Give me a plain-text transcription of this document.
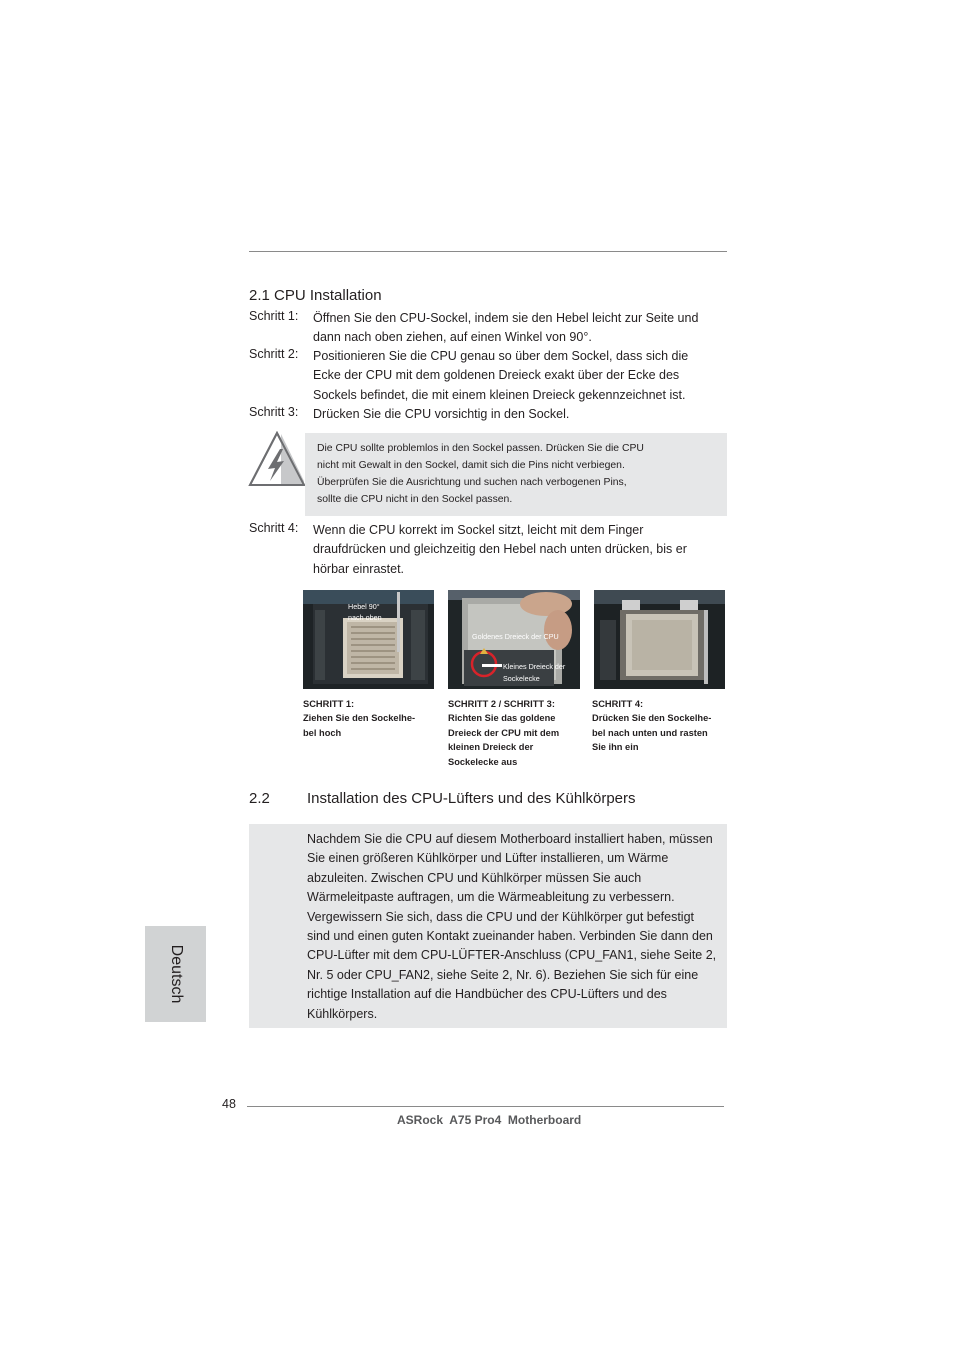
2.1 CPU Installation
Schritt 1: Öffnen Sie den CPU-Sockel, indem sie den Hebel leicht zur Seite und
dann nach oben ziehen, auf einen Winkel von 90°.
Schritt 2: Positionieren Sie die CPU genau so über dem Sockel, dass sich die
Ecke der CPU mit dem goldenen Dreieck exakt über der Ecke des
Sockels befindet, die mit einem kleinen Dreieck gekennzeichnet ist.
Schritt 3: Drücken Sie die CPU vorsichtig in den Sockel.
Die CPU sollte problemlos in den Sockel passen. Drücken Sie die CPU
nicht mit Gewalt in den Sockel, damit sich die Pins nicht verbiegen.
Überprüfen Sie die Ausrichtung und suchen nach verbogenen Pins,
sollte die CPU nicht in den Sockel passen.
Schritt 4: Wenn die CPU korrekt im Sockel sitzt, leicht mit dem Finger
draufdrücken und gleichzeitig den Hebel nach unten drücken, bis er
hörbar einrastet.
Hebel 90°
nach oben
Goldenes Dreieck der CPU
Kleines Dreieck der
Sockelecke
SCHRITT 1:
Ziehen Sie den Sockelhe-
bel hoch
SCHRITT 2 / SCHRITT 3:
Richten Sie das goldene
Dreieck der CPU mit dem
kleinen Dreieck der
Sockelecke aus
SCHRITT 4:
Drücken Sie den Sockelhe-
bel nach unten und rasten
Sie ihn ein
2.2 Installation des CPU-Lüfters und des Kühlkörpers
Nachdem Sie die CPU auf diesem Motherboard installiert haben, müssen
Sie einen größeren Kühlkörper und Lüfter installieren, um Wärme
abzuleiten. Zwischen CPU und Kühlkörper müssen Sie auch
Wärmeleitpaste auftragen, um die Wärmeableitung zu verbessern.
Vergewissern Sie sich, dass die CPU und der Kühlkörper gut befestigt
sind und einen guten Kontakt zueinander haben. Verbinden Sie dann den
CPU-Lüfter mit dem CPU-LÜFTER-Anschluss (CPU_FAN1, siehe Seite 2,
Nr. 5 oder CPU_FAN2, siehe Seite 2, Nr. 6). Beziehen Sie sich für eine
richtige Installation auf die Handbücher des CPU-Lüfters und des
Kühlkörpers.
Deutsch
48
ASRock  A75 Pro4  Motherboard
